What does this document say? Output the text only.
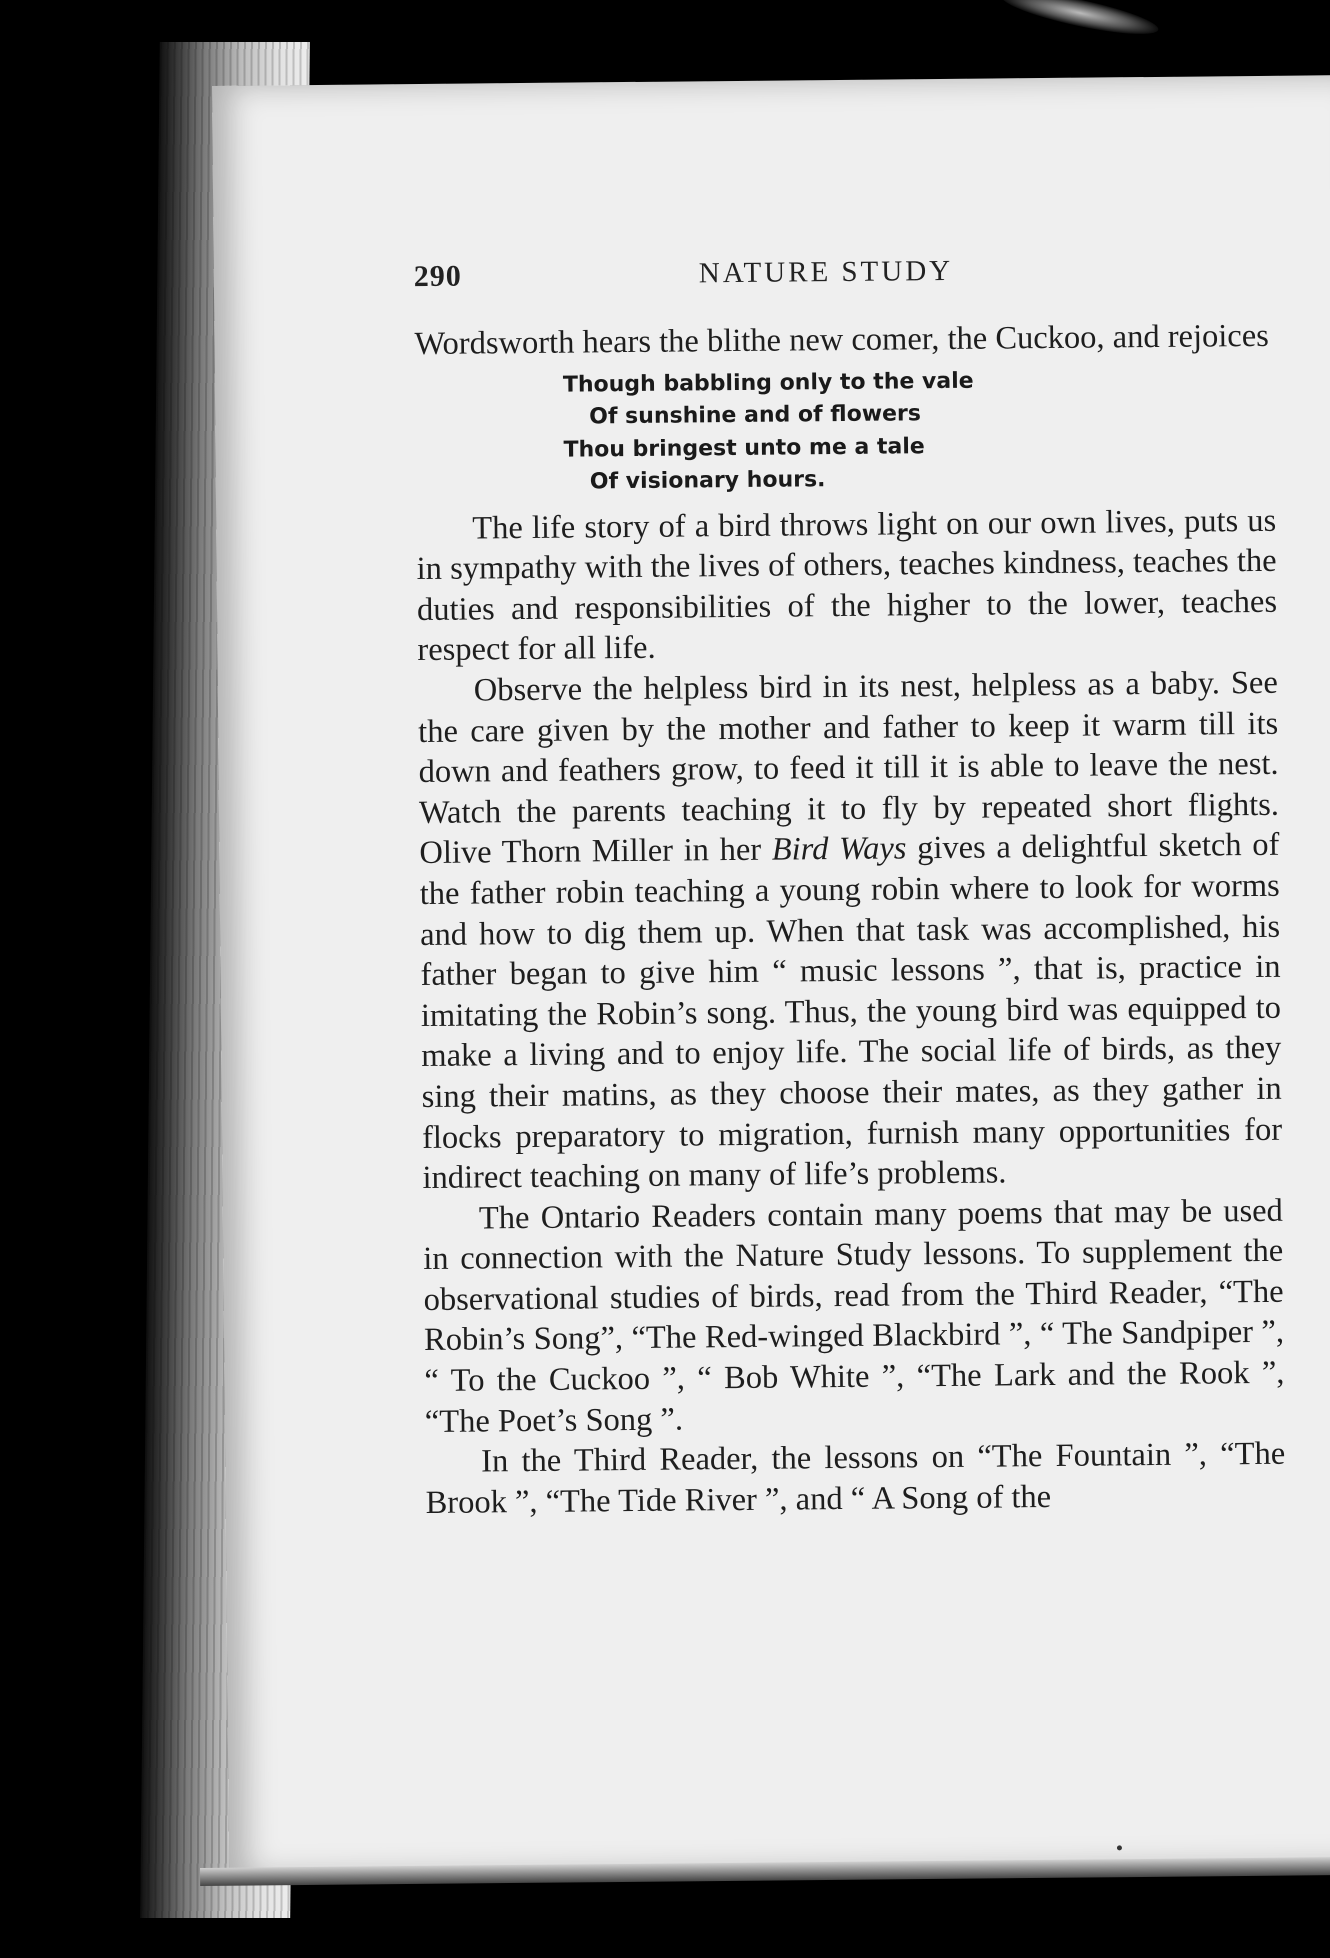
290	NATURE STUDY

Wordsworth hears the blithe new comer, the Cuckoo, and rejoices

Though babbling only to the vale
Of sunshine and of flowers
Thou bringest unto me a tale
Of visionary hours.

The life story of a bird throws light on our own lives, puts us in sympathy with the lives of others, teaches kindness, teaches the duties and responsibilities of the higher to the lower, teaches respect for all life.

Observe the helpless bird in its nest, helpless as a baby. See the care given by the mother and father to keep it warm till its down and feathers grow, to feed it till it is able to leave the nest. Watch the parents teaching it to fly by repeated short flights. Olive Thorn Miller in her Bird Ways gives a delightful sketch of the father robin teaching a young robin where to look for worms and how to dig them up. When that task was accomplished, his father began to give him “ music lessons ”, that is, practice in imitating the Robin’s song. Thus, the young bird was equipped to make a living and to enjoy life. The social life of birds, as they sing their matins, as they choose their mates, as they gather in flocks preparatory to migration, furnish many opportunities for indirect teaching on many of life’s problems.

The Ontario Readers contain many poems that may be used in connection with the Nature Study lessons. To supplement the observational studies of birds, read from the Third Reader, “The Robin’s Song”, “The Red-winged Blackbird ”, “ The Sandpiper ”, “ To the Cuckoo ”, “ Bob White ”, “The Lark and the Rook ”, “The Poet’s Song ”.

In the Third Reader, the lessons on “The Fountain ”, “The Brook ”, “The Tide River ”, and “ A Song of the
